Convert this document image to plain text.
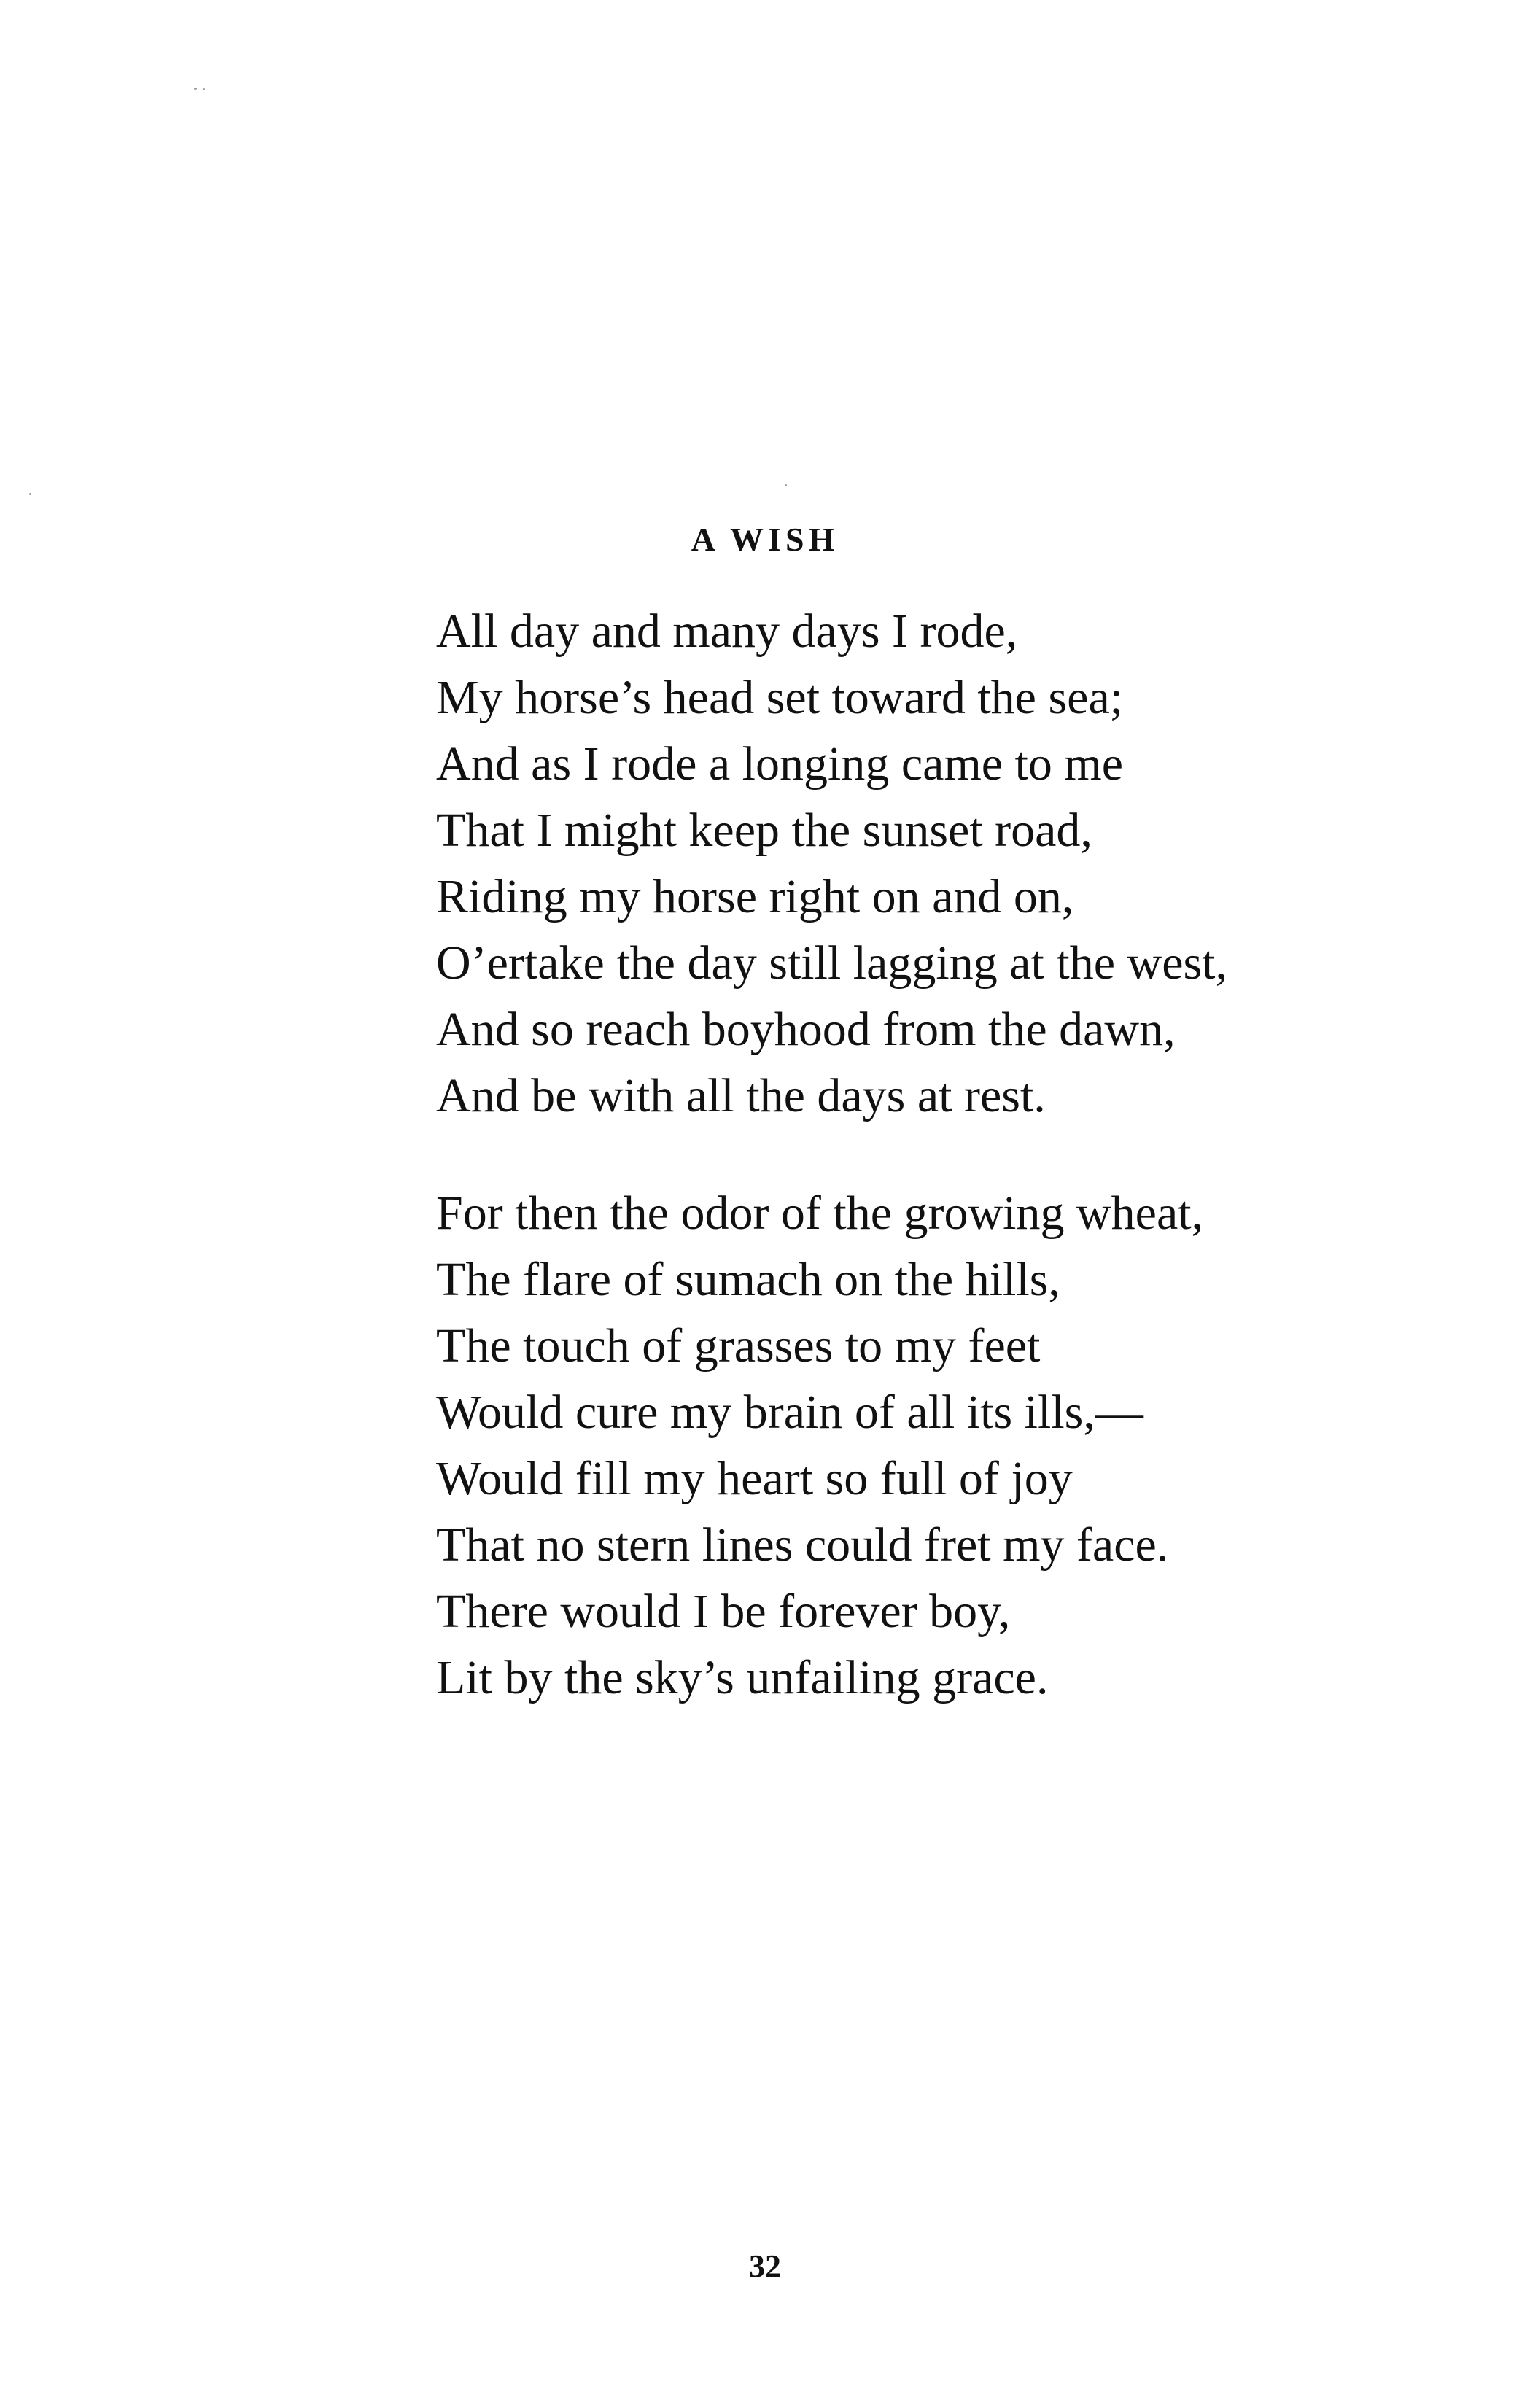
A WISH
All day and many days I rode,
My horse’s head set toward the sea;
And as I rode a longing came to me
That I might keep the sunset road,
Riding my horse right on and on,
O’ertake the day still lagging at the west,
And so reach boyhood from the dawn,
And be with all the days at rest.
For then the odor of the growing wheat,
The flare of sumach on the hills,
The touch of grasses to my feet
Would cure my brain of all its ills,—
Would fill my heart so full of joy
That no stern lines could fret my face.
There would I be forever boy,
Lit by the sky’s unfailing grace.
32
